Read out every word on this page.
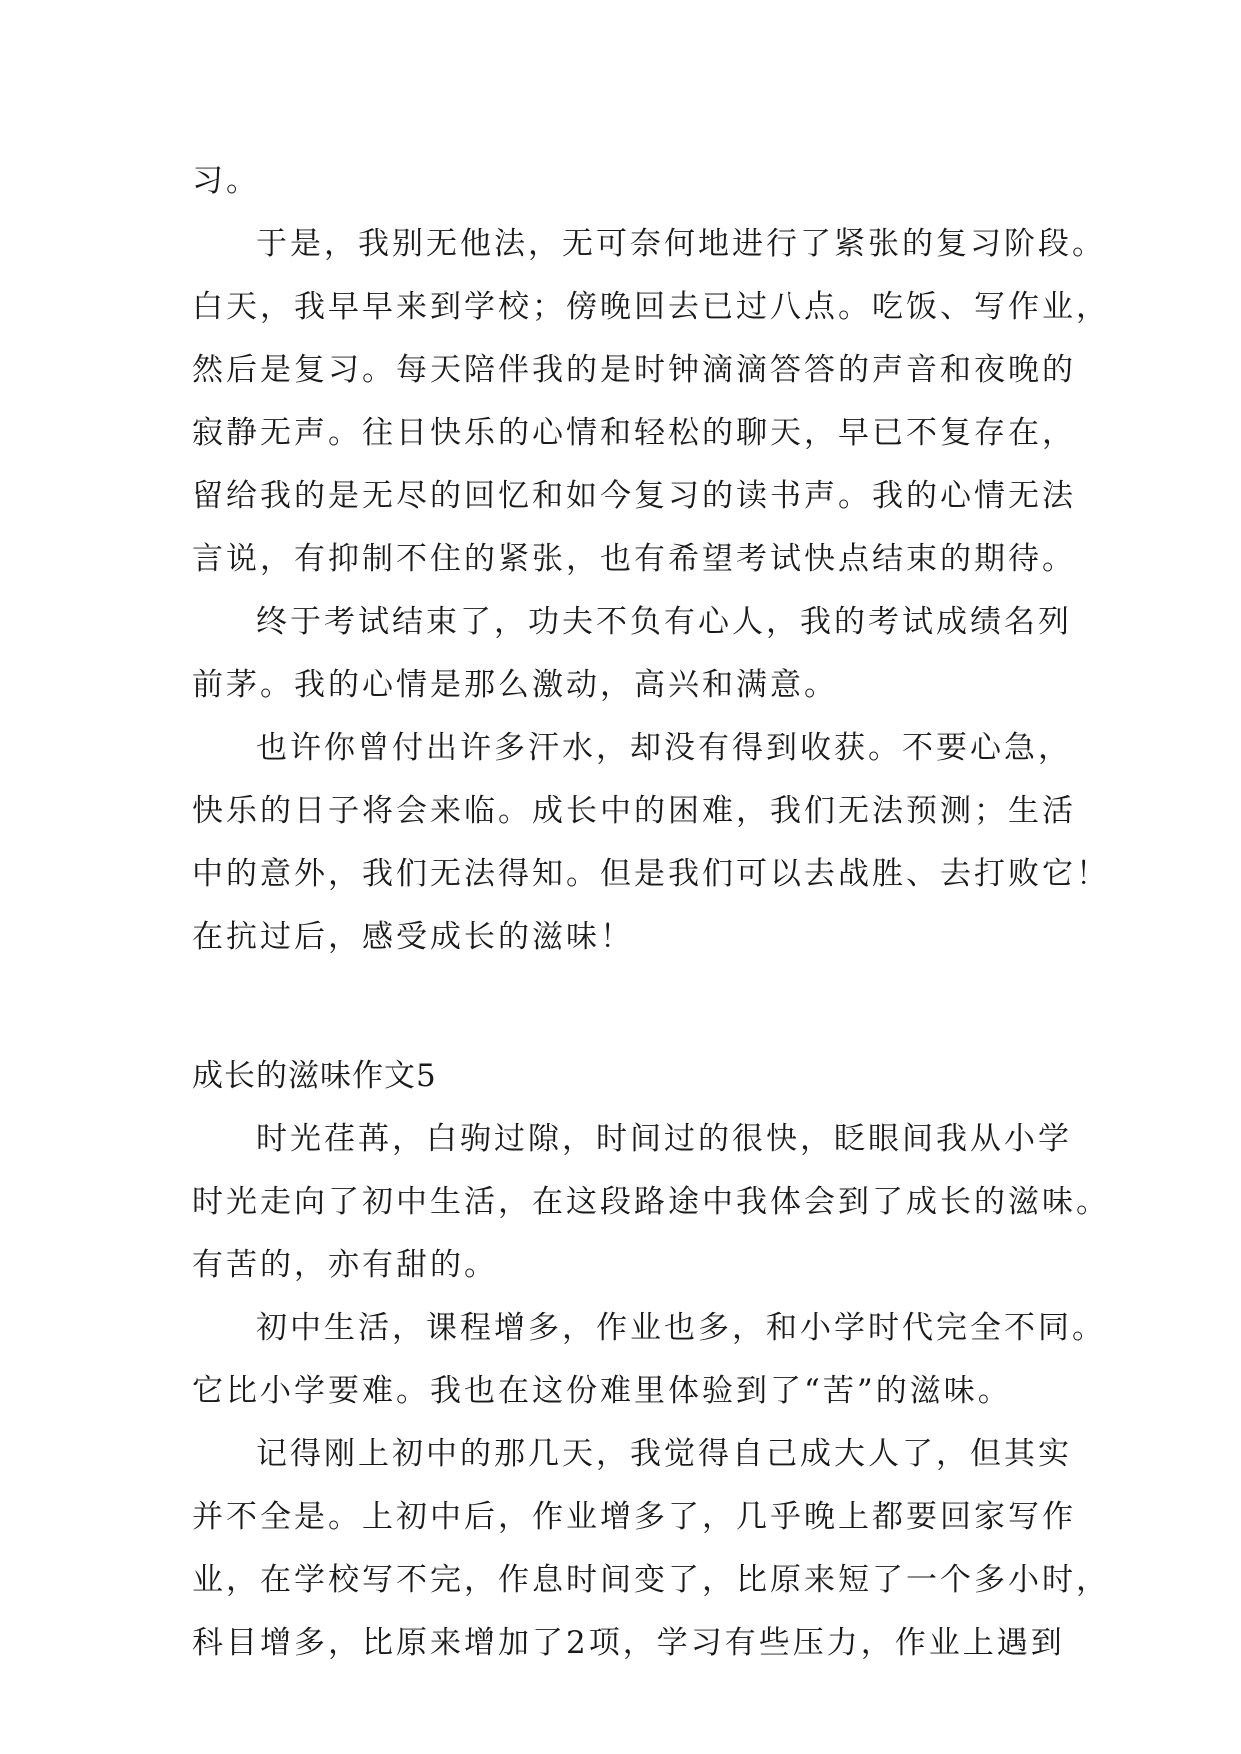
习。
于是，我别无他法，无可奈何地进行了紧张的复习阶段。
白天，我早早来到学校；傍晚回去已过八点。吃饭、写作业，
然后是复习。每天陪伴我的是时钟滴滴答答的声音和夜晚的
寂静无声。往日快乐的心情和轻松的聊天，早已不复存在，
留给我的是无尽的回忆和如今复习的读书声。我的心情无法
言说，有抑制不住的紧张，也有希望考试快点结束的期待。
终于考试结束了，功夫不负有心人，我的考试成绩名列
前茅。我的心情是那么激动，高兴和满意。
也许你曾付出许多汗水，却没有得到收获。不要心急，
快乐的日子将会来临。成长中的困难，我们无法预测；生活
中的意外，我们无法得知。但是我们可以去战胜、去打败它！
在抗过后，感受成长的滋味！
成长的滋味作文5
时光荏苒，白驹过隙，时间过的很快，眨眼间我从小学
时光走向了初中生活，在这段路途中我体会到了成长的滋味。
有苦的，亦有甜的。
初中生活，课程增多，作业也多，和小学时代完全不同。
它比小学要难。我也在这份难里体验到了“苦”的滋味。
记得刚上初中的那几天，我觉得自己成大人了，但其实
并不全是。上初中后，作业增多了，几乎晚上都要回家写作
业，在学校写不完，作息时间变了，比原来短了一个多小时，
科目增多，比原来增加了2项，学习有些压力，作业上遇到
